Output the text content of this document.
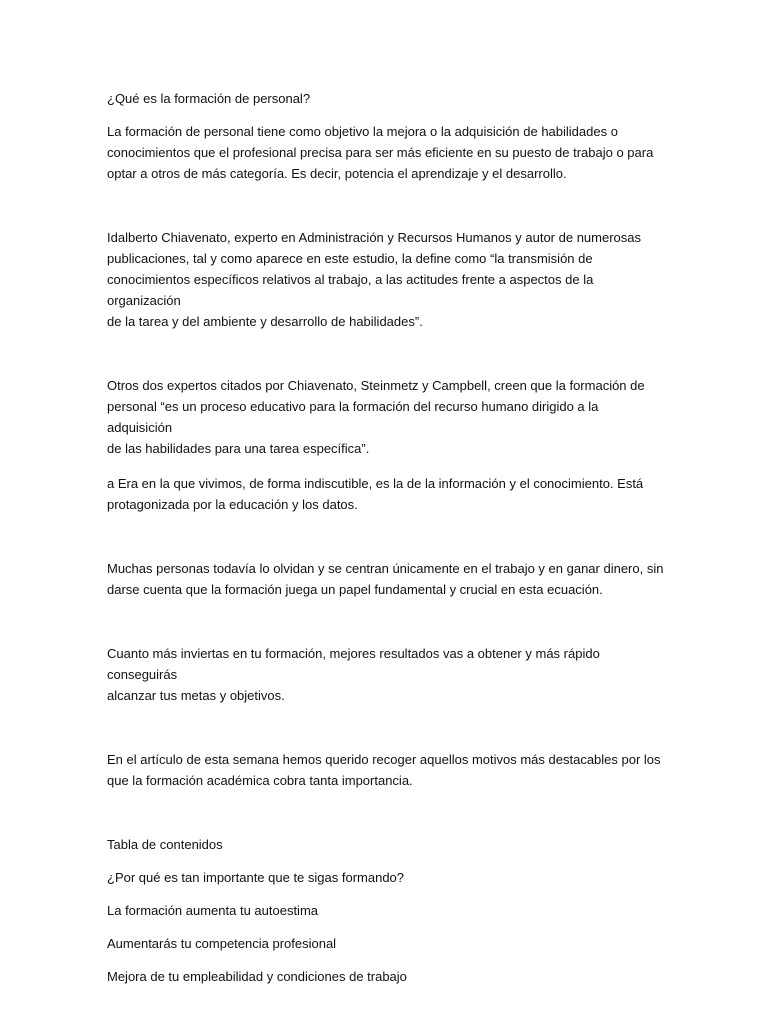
¿Qué es la formación de personal?

La formación de personal tiene como objetivo la mejora o la adquisición de habilidades o
conocimientos que el profesional precisa para ser más eficiente en su puesto de trabajo o para
optar a otros de más categoría. Es decir, potencia el aprendizaje y el desarrollo.

Idalberto Chiavenato, experto en Administración y Recursos Humanos y autor de numerosas
publicaciones, tal y como aparece en este estudio, la define como “la transmisión de
conocimientos específicos relativos al trabajo, a las actitudes frente a aspectos de la organización
de la tarea y del ambiente y desarrollo de habilidades”.

Otros dos expertos citados por Chiavenato, Steinmetz y Campbell, creen que la formación de
personal “es un proceso educativo para la formación del recurso humano dirigido a la adquisición
de las habilidades para una tarea específica”.

a Era en la que vivimos, de forma indiscutible, es la de la información y el conocimiento. Está
protagonizada por la educación y los datos.

Muchas personas todavía lo olvidan y se centran únicamente en el trabajo y en ganar dinero, sin
darse cuenta que la formación juega un papel fundamental y crucial en esta ecuación.

Cuanto más inviertas en tu formación, mejores resultados vas a obtener y más rápido conseguirás
alcanzar tus metas y objetivos.

En el artículo de esta semana hemos querido recoger aquellos motivos más destacables por los
que la formación académica cobra tanta importancia.

Tabla de contenidos

¿Por qué es tan importante que te sigas formando?

La formación aumenta tu autoestima

Aumentarás tu competencia profesional

Mejora de tu empleabilidad y condiciones de trabajo
